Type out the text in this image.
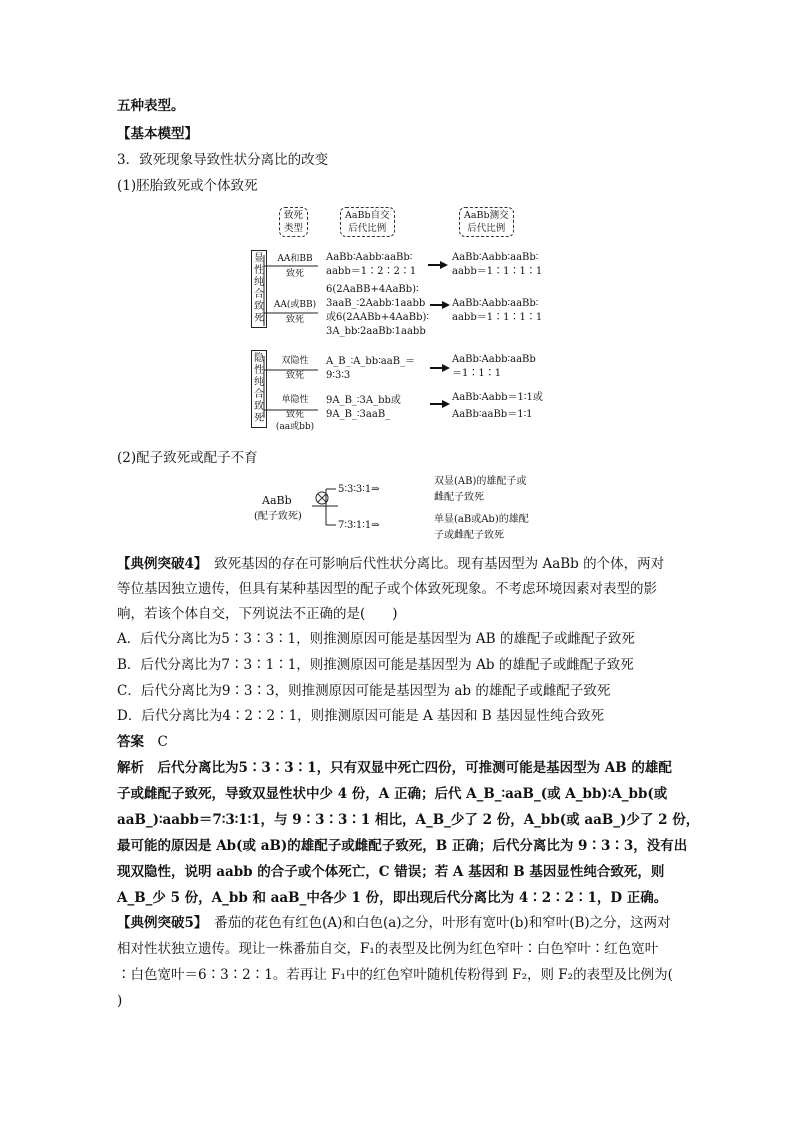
五种表型。
【基本模型】
3．致死现象导致性状分离比的改变
(1)胚胎致死或个体致死
致死
类型
AaBb自交
后代比例
AaBb测交
后代比例
显
性
纯
合
致
死
隐
性
纯
合
致
死
AA和BB
致死
AaBb∶Aabb∶aaBb∶
aabb＝1∶2∶2∶1
AaBb∶Aabb∶aaBb∶
aabb＝1∶1∶1∶1
AA(或BB)
致死
6(2AaBB+4AaBb)∶
3aaB_∶2Aabb∶1aabb
或6(2AABb+4AaBb)∶
3A_bb∶2aaBb∶1aabb
AaBb∶Aabb∶aaBb∶
aabb＝1∶1∶1∶1
双隐性
致死
A_B_∶A_bb∶aaB_＝
9∶3∶3
AaBb∶Aabb∶aaBb
＝1∶1∶1
单隐性
致死
(aa或bb)
9A_B_∶3A_bb或
9A_B_∶3aaB_
AaBb∶Aabb＝1∶1或
AaBb∶aaBb＝1∶1
(2)配子致死或配子不育
AaBb
(配子致死)
5∶3∶3∶1⇒
双显(AB)的雄配子或
雌配子致死
7∶3∶1∶1⇒
单显(aB或Ab)的雄配
子或雌配子致死
【典例突破4】　致死基因的存在可影响后代性状分离比。现有基因型为 AaBb 的个体，两对
等位基因独立遗传，但具有某种基因型的配子或个体致死现象。不考虑环境因素对表型的影
响，若该个体自交，下列说法不正确的是(　　)
A．后代分离比为5∶3∶3∶1，则推测原因可能是基因型为 AB 的雄配子或雌配子致死
B．后代分离比为7∶3∶1∶1，则推测原因可能是基因型为 Ab 的雄配子或雌配子致死
C．后代分离比为9∶3∶3，则推测原因可能是基因型为 ab 的雄配子或雌配子致死
D．后代分离比为4∶2∶2∶1，则推测原因可能是 A 基因和 B 基因显性纯合致死
答案　 C
解析　后代分离比为5∶3∶3∶1，只有双显中死亡四份，可推测可能是基因型为 AB 的雄配
子或雌配子致死，导致双显性状中少 4 份，A 正确；后代 A_B_∶aaB_(或 A_bb)∶A_bb(或
aaB_)∶aabb＝7∶3∶1∶1，与 9∶3∶3∶1 相比，A_B_少了 2 份，A_bb(或 aaB_)少了 2 份，
最可能的原因是 Ab(或 aB)的雄配子或雌配子致死，B 正确；后代分离比为 9∶3∶3，没有出
现双隐性，说明 aabb 的合子或个体死亡，C 错误；若 A 基因和 B 基因显性纯合致死，则
A_B_少 5 份，A_bb 和 aaB_中各少 1 份，即出现后代分离比为 4∶2∶2∶1，D 正确。
【典例突破5】　番茄的花色有红色(A)和白色(a)之分，叶形有宽叶(b)和窄叶(B)之分，这两对
相对性状独立遗传。现让一株番茄自交，F₁的表型及比例为红色窄叶∶白色窄叶∶红色宽叶
∶白色宽叶＝6∶3∶2∶1。若再让 F₁中的红色窄叶随机传粉得到 F₂，则 F₂的表型及比例为(
)
